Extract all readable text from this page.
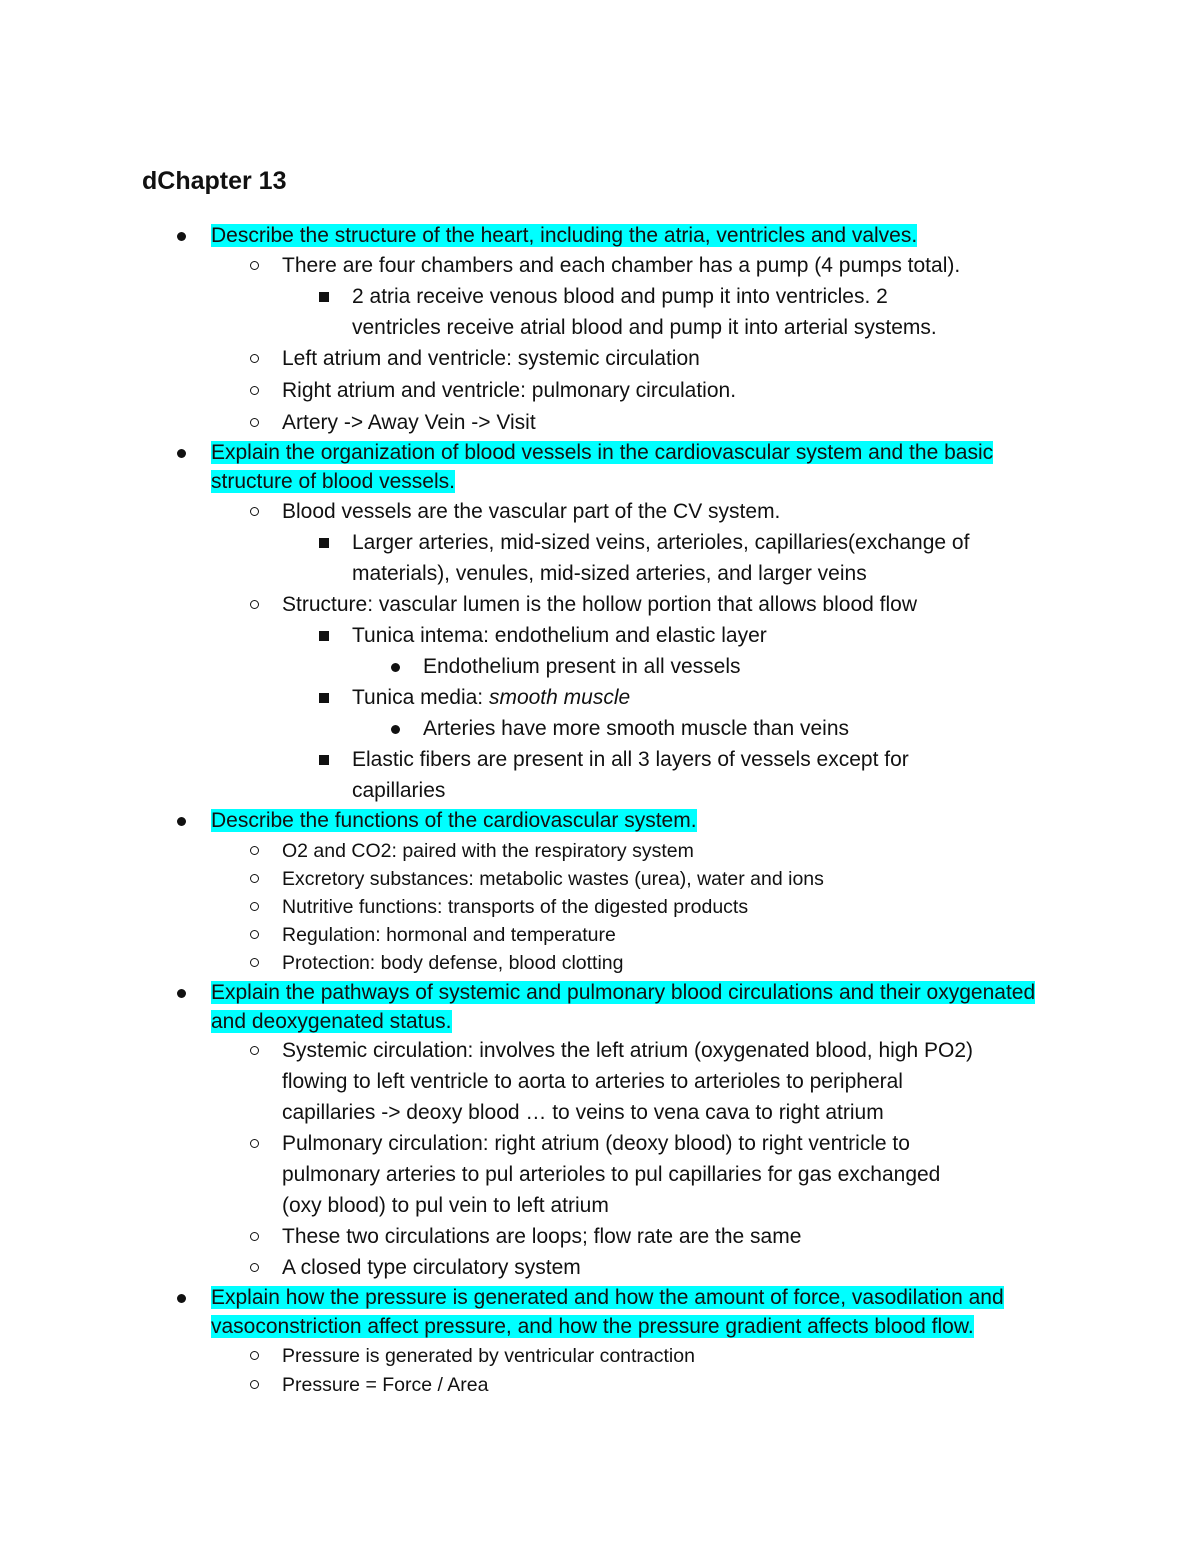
dChapter 13
Describe the structure of the heart, including the atria, ventricles and valves.
There are four chambers and each chamber has a pump (4 pumps total).
2 atria receive venous blood and pump it into ventricles. 2
ventricles receive atrial blood and pump it into arterial systems.
Left atrium and ventricle: systemic circulation
Right atrium and ventricle: pulmonary circulation.
Artery -> Away Vein -> Visit
Explain the organization of blood vessels in the cardiovascular system and the basic
structure of blood vessels.
Blood vessels are the vascular part of the CV system.
Larger arteries, mid-sized veins, arterioles, capillaries(exchange of
materials), venules, mid-sized arteries, and larger veins
Structure: vascular lumen is the hollow portion that allows blood flow
Tunica intema: endothelium and elastic layer
Endothelium present in all vessels
Tunica media: smooth muscle
Arteries have more smooth muscle than veins
Elastic fibers are present in all 3 layers of vessels except for
capillaries
Describe the functions of the cardiovascular system.
O2 and CO2: paired with the respiratory system
Excretory substances: metabolic wastes (urea), water and ions
Nutritive functions: transports of the digested products
Regulation: hormonal and temperature
Protection: body defense, blood clotting
Explain the pathways of systemic and pulmonary blood circulations and their oxygenated
and deoxygenated status.
Systemic circulation: involves the left atrium (oxygenated blood, high PO2)
flowing to left ventricle to aorta to arteries to arterioles to peripheral
capillaries -> deoxy blood … to veins to vena cava to right atrium
Pulmonary circulation: right atrium (deoxy blood) to right ventricle to
pulmonary arteries to pul arterioles to pul capillaries for gas exchanged
(oxy blood) to pul vein to left atrium
These two circulations are loops; flow rate are the same
A closed type circulatory system
Explain how the pressure is generated and how the amount of force, vasodilation and
vasoconstriction affect pressure, and how the pressure gradient affects blood flow.
Pressure is generated by ventricular contraction
Pressure = Force / Area
